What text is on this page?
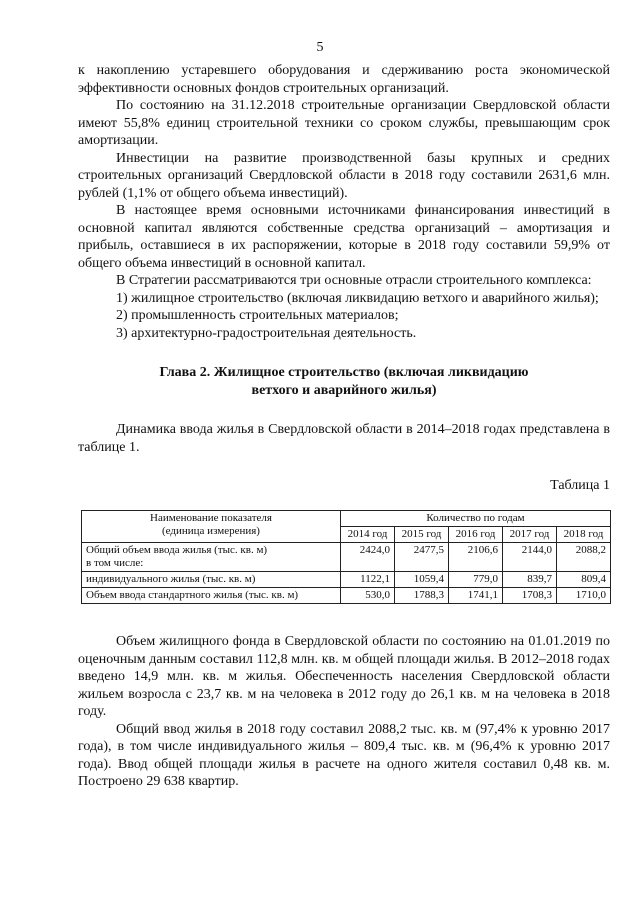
5

к накоплению устаревшего оборудования и сдерживанию роста экономической эффективности основных фондов строительных организаций.

По состоянию на 31.12.2018 строительные организации Свердловской области имеют 55,8% единиц строительной техники со сроком службы, превышающим срок амортизации.

Инвестиции на развитие производственной базы крупных и средних строительных организаций Свердловской области в 2018 году составили 2631,6 млн. рублей (1,1% от общего объема инвестиций).

В настоящее время основными источниками финансирования инвестиций в основной капитал являются собственные средства организаций – амортизация и прибыль, оставшиеся в их распоряжении, которые в 2018 году составили 59,9% от общего объема инвестиций в основной капитал.

В Стратегии рассматриваются три основные отрасли строительного комплекса:

1) жилищное строительство (включая ликвидацию ветхого и аварийного жилья);

2) промышленность строительных материалов;

3) архитектурно-градостроительная деятельность.

Глава 2. Жилищное строительство (включая ликвидацию

ветхого и аварийного жилья)

Динамика ввода жилья в Свердловской области в 2014–2018 годах представлена в таблице 1.

Таблица 1
Наименование показателя
(единица измерения)	Количество по годам				
	2014 год	2015 год	2016 год	2017 год	2018 год

Общий объем ввода жилья (тыс. кв. м)
в том числе:	2424,0	2477,5	2106,6	2144,0	2088,2
индивидуального жилья (тыс. кв. м)	1122,1	1059,4	779,0	839,7	809,4
Объем ввода стандартного жилья (тыс. кв. м)	530,0	1788,3	1741,1	1708,3	1710,0

Объем жилищного фонда в Свердловской области по состоянию на 01.01.2019 по оценочным данным составил 112,8 млн. кв. м общей площади жилья. В 2012–2018 годах введено 14,9 млн. кв. м жилья. Обеспеченность населения Свердловской области жильем возросла с 23,7 кв. м на человека в 2012 году до 26,1 кв. м на человека в 2018 году.

Общий ввод жилья в 2018 году составил 2088,2 тыс. кв. м (97,4% к уровню 2017 года), в том числе индивидуального жилья – 809,4 тыс. кв. м (96,4% к уровню 2017 года). Ввод общей площади жилья в расчете на одного жителя составил 0,48 кв. м. Построено 29 638 квартир.
